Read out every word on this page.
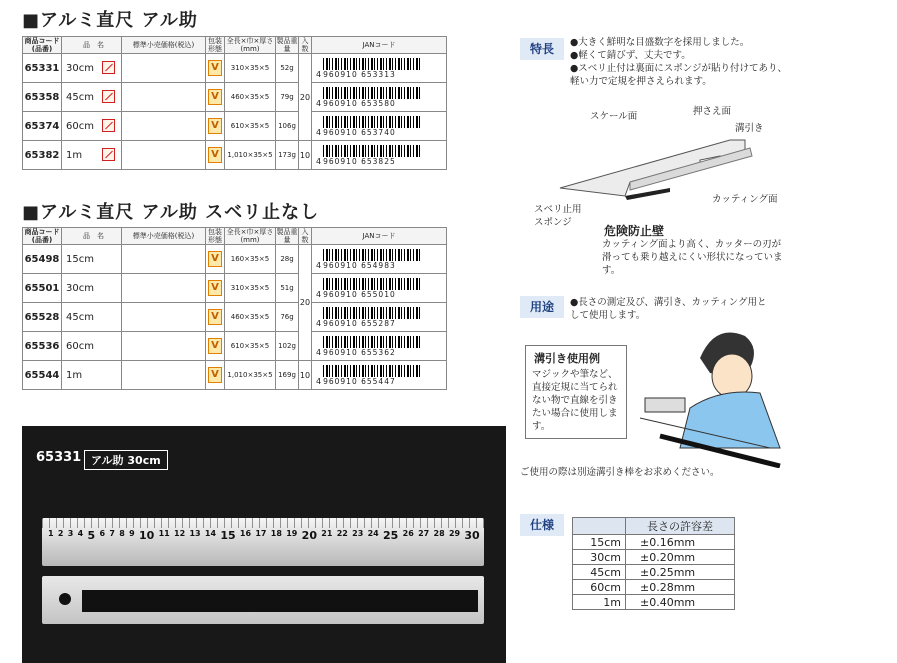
■アルミ直尺 アル助
商品コード
(品番)	品　名	標準小売価格(税込)	包装
形態	全長×巾×厚さ
(mm)	製品重量	入数	JANコード
65331	30cm		V	310×35×5	52g	20	4 960910 653313

65358	45cm		V	460×35×5	79g		4 960910 653580

65374	60cm		V	610×35×5	106g		4 960910 653740

65382	1m		V	1,010×35×5	173g	10	4 960910 653825
■アルミ直尺 アル助 スベリ止なし
商品コード
(品番)	品　名	標準小売価格(税込)	包装
形態	全長×巾×厚さ
(mm)	製品重量	入数	JANコード
65498	15cm		V	160×35×5	28g	20	4 960910 654983

65501	30cm		V	310×35×5	51g		4 960910 655010

65528	45cm		V	460×35×5	76g		4 960910 655287

65536	60cm		V	610×35×5	102g		4 960910 655362

65544	1m		V	1,010×35×5	169g	10	4 960910 655447
65331 アル助 30cm
1 2 3 4 5 6 7 8 9 10 11 12 13 14 15 16 17 18 19 20 21 22 23 24 25 26 27 28 29 30
特長	●大きく鮮明な目盛数字を採用しました。
●軽くて錆びず、丈夫です。
●スベリ止付は裏面にスポンジが貼り付けてあり、軽い力で定規を押さえられます。
スケール面	押さえ面
溝引き
カッティング面
スベリ止用
スポンジ
危険防止壁
カッティング面より高く、カッターの刃が滑っても乗り越えにくい形状になっています。
用途	●長さの測定及び、溝引き、カッティング用として使用します。
溝引き使用例
マジックや筆など、直接定規に当てられない物で直線を引きたい場合に使用します。
ご使用の際は別途溝引き棒をお求めください。
仕様
		長さの許容差
15cm	±0.16mm
30cm	±0.20mm
45cm	±0.25mm
60cm	±0.28mm
1m	±0.40mm
